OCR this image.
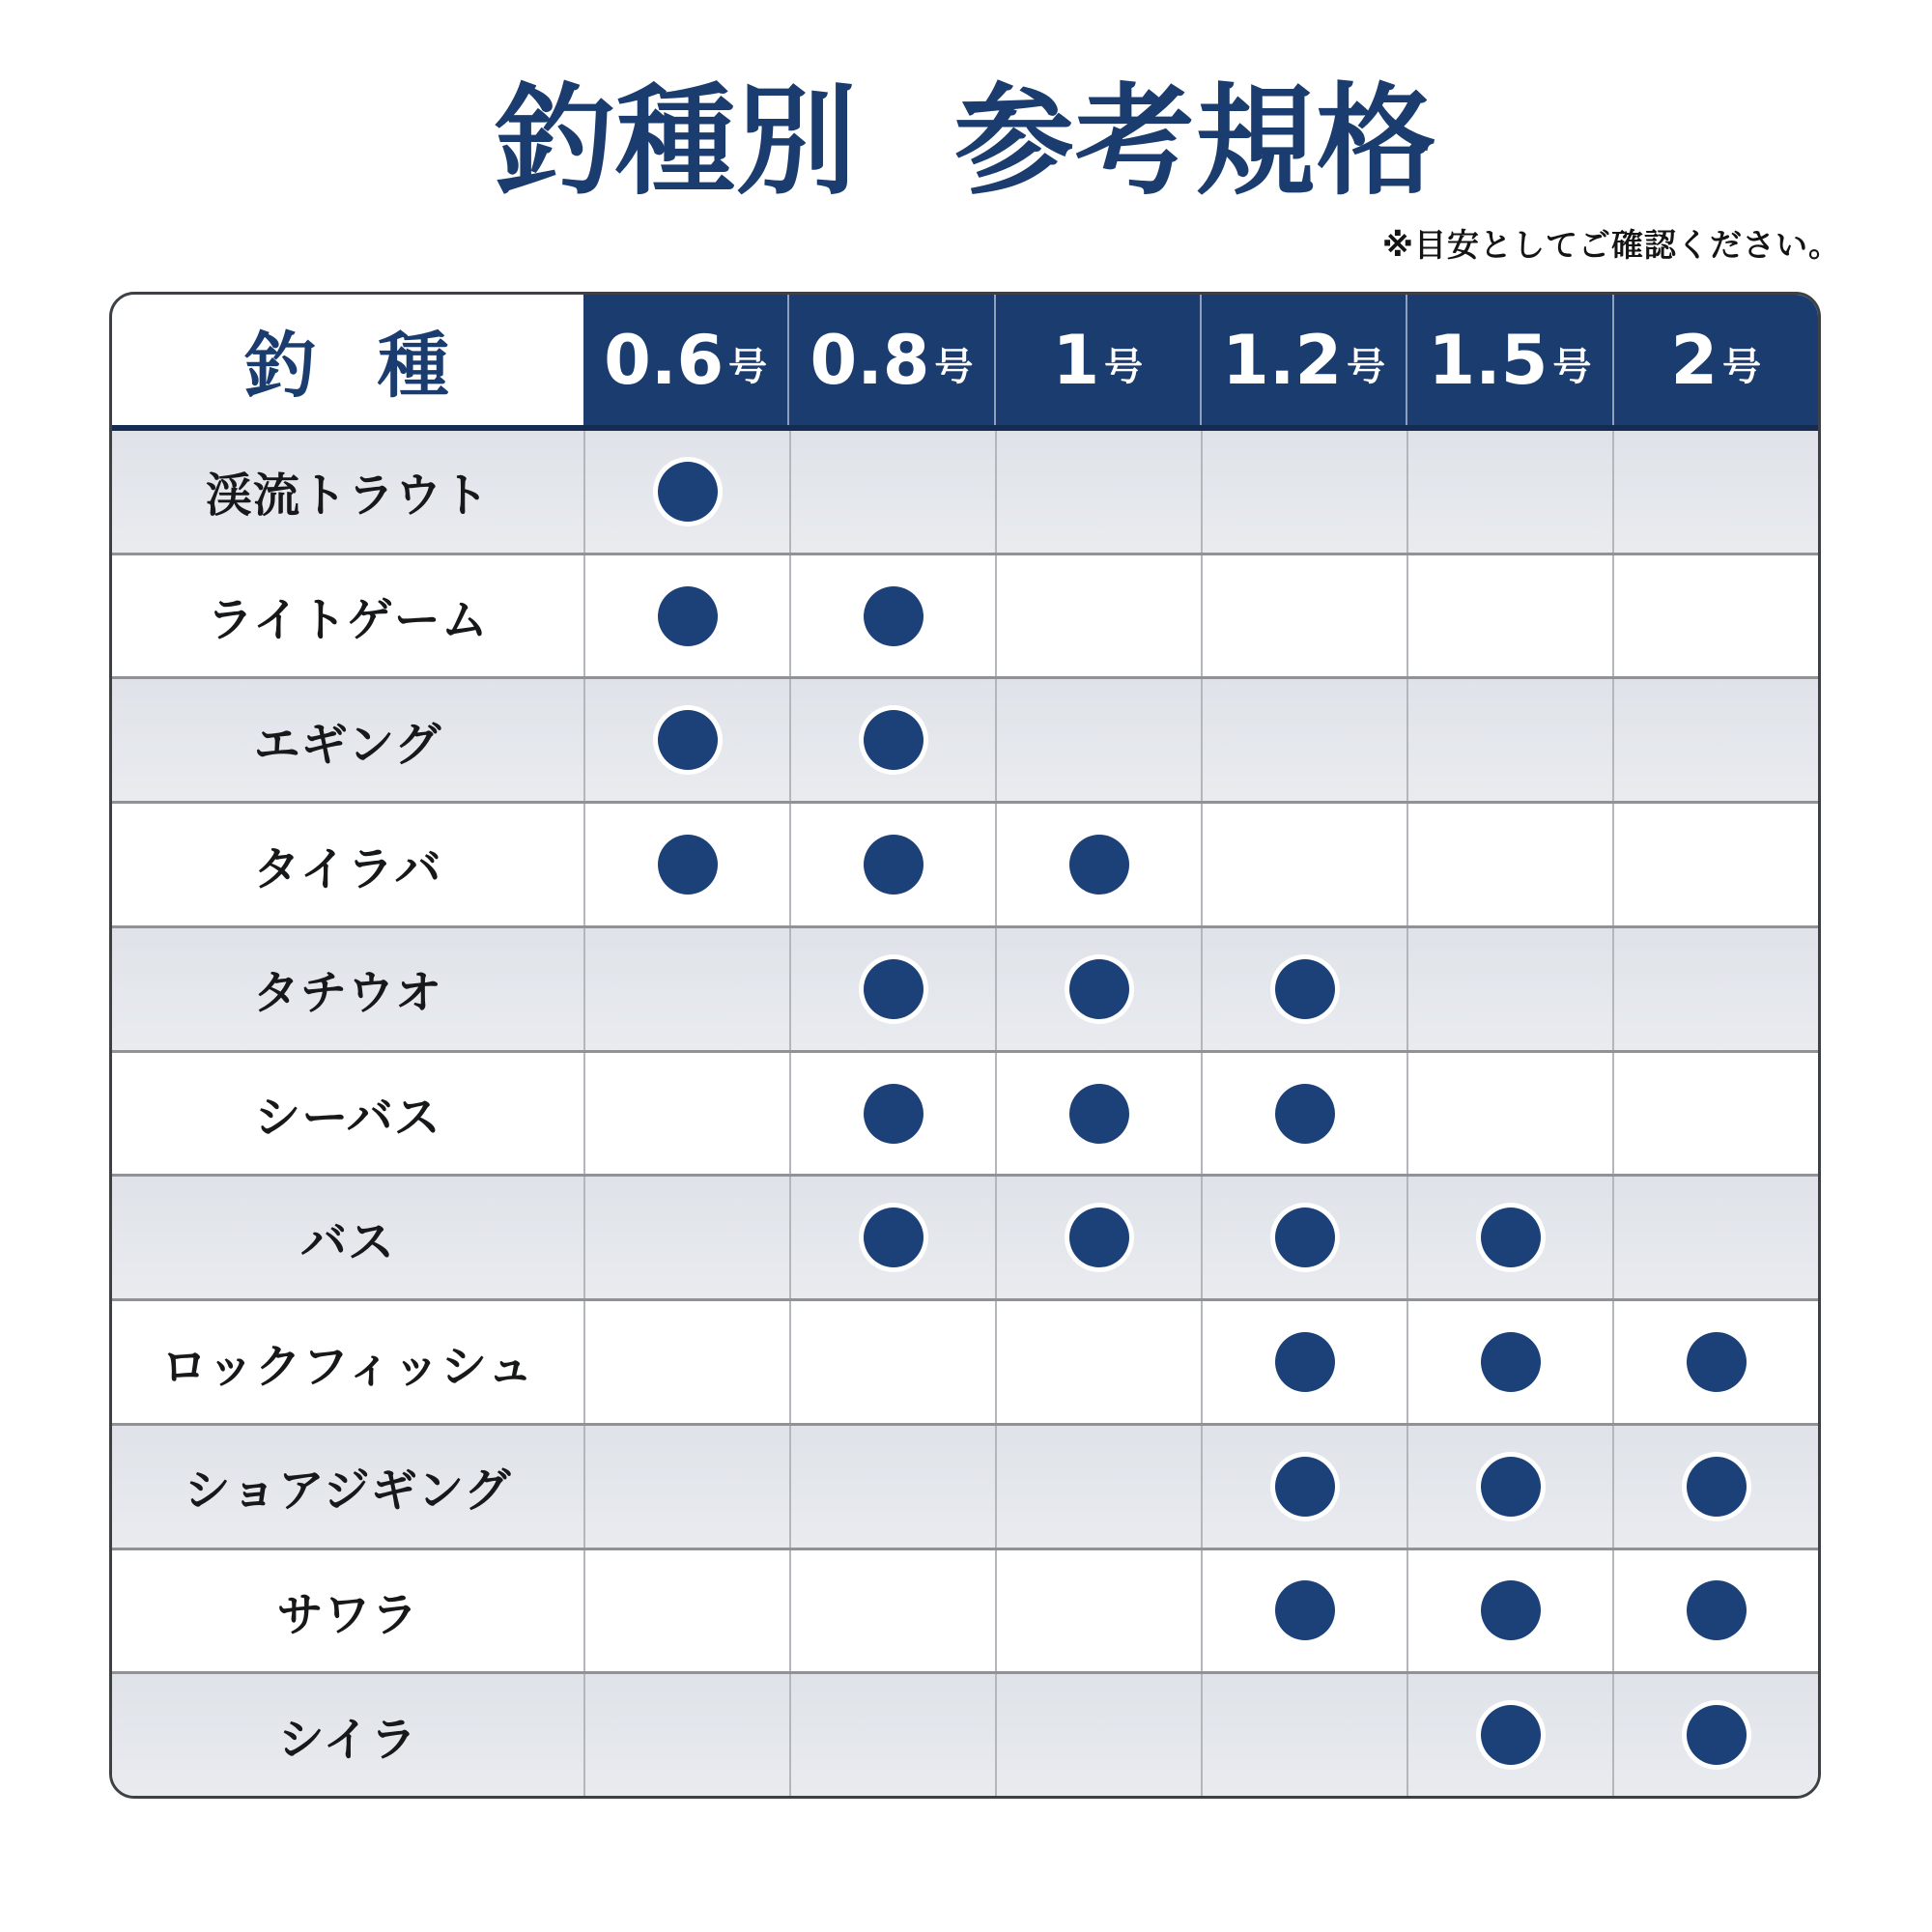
釣種別 参考規格
※目安としてご確認ください。
釣 種	0.6 号 0.8 号 1 号 1.2 号 1.5 号 2 号
渓流トラウト
ライトゲーム
エギング
タイラバ
タチウオ
シーバス
バス
ロックフィッシュ
ショアジギング
サワラ
シイラ
